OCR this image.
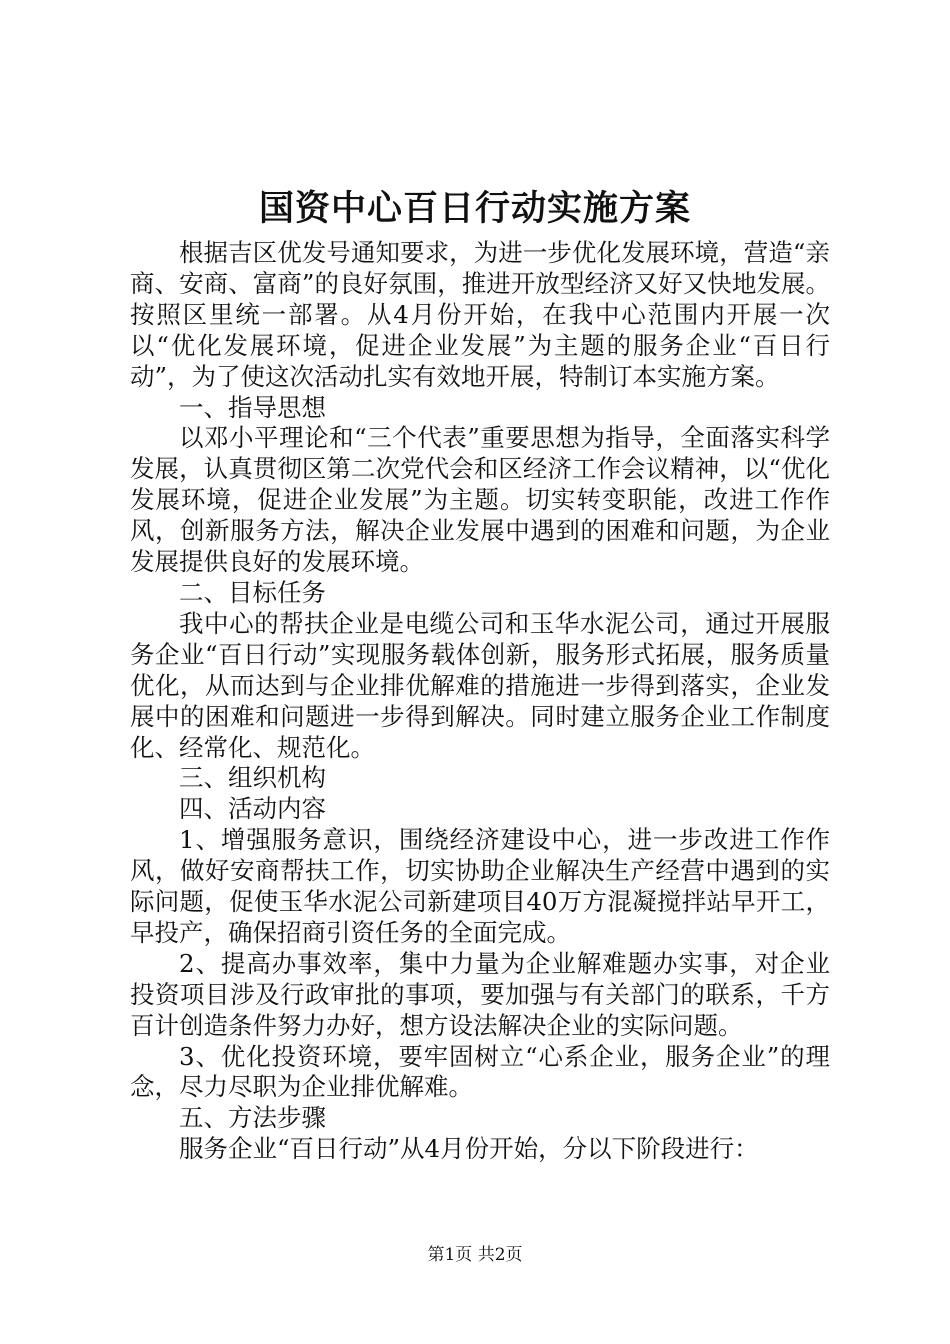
国资中心百日行动实施方案

根据吉区优发号通知要求，为进一步优化发展环境，营造“亲商、安商、富商”的良好氛围，推进开放型经济又好又快地发展。按照区里统一部署。从4月份开始，在我中心范围内开展一次以“优化发展环境，促进企业发展”为主题的服务企业“百日行动”，为了使这次活动扎实有效地开展，特制订本实施方案。

一、指导思想

以邓小平理论和“三个代表”重要思想为指导，全面落实科学发展，认真贯彻区第二次党代会和区经济工作会议精神，以“优化发展环境，促进企业发展”为主题。切实转变职能，改进工作作风，创新服务方法，解决企业发展中遇到的困难和问题，为企业发展提供良好的发展环境。

二、目标任务

我中心的帮扶企业是电缆公司和玉华水泥公司，通过开展服务企业“百日行动”实现服务载体创新，服务形式拓展，服务质量优化，从而达到与企业排优解难的措施进一步得到落实，企业发展中的困难和问题进一步得到解决。同时建立服务企业工作制度化、经常化、规范化。

三、组织机构

四、活动内容

1、增强服务意识，围绕经济建设中心，进一步改进工作作风，做好安商帮扶工作，切实协助企业解决生产经营中遇到的实际问题，促使玉华水泥公司新建项目40万方混凝搅拌站早开工，早投产，确保招商引资任务的全面完成。

2、提高办事效率，集中力量为企业解难题办实事，对企业投资项目涉及行政审批的事项，要加强与有关部门的联系，千方百计创造条件努力办好，想方设法解决企业的实际问题。

3、优化投资环境，要牢固树立“心系企业，服务企业”的理念，尽力尽职为企业排优解难。

五、方法步骤

服务企业“百日行动”从4月份开始，分以下阶段进行：

第1页 共2页
